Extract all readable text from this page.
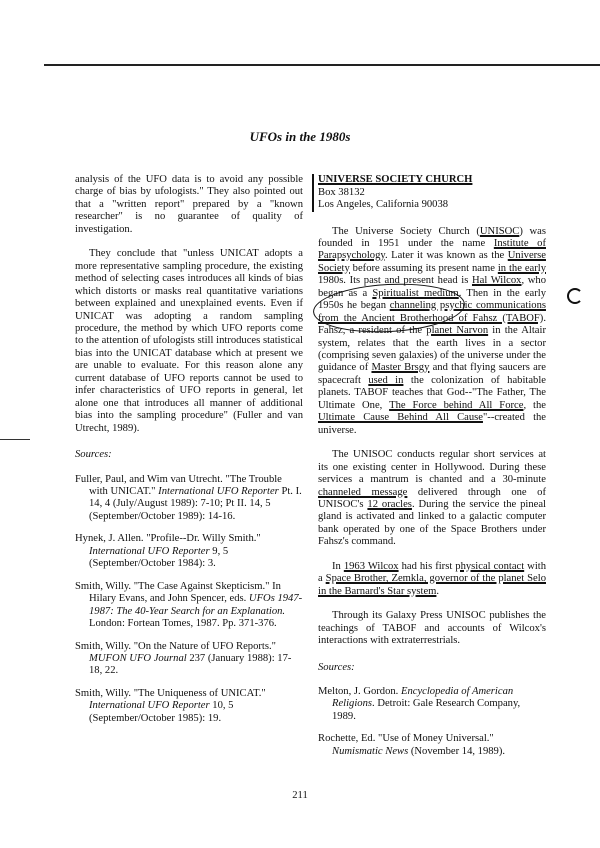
UFOs in the 1980s

analysis of the UFO data is to avoid any possible charge of bias by ufologists." They also pointed out that a "written report" prepared by a "known researcher" is no guarantee of quality of investigation.

They conclude that "unless UNICAT adopts a more representative sampling procedure, the existing method of selecting cases introduces all kinds of bias which distorts or masks real quantitative variations between explained and unexplained events. Even if UNICAT was adopting a random sampling procedure, the method by which UFO reports come to the attention of ufologists still introduces statistical bias into the UNICAT database which at present we are unable to evaluate. For this reason alone any current database of UFO reports cannot be used to infer characteristics of UFO reports in general, let alone one that introduces all manner of additional bias into the sampling procedure" (Fuller and van Utrecht, 1989).

Sources:

Fuller, Paul, and Wim van Utrecht. "The Trouble with UNICAT." International UFO Reporter Pt. I. 14, 4 (July/August 1989): 7-10; Pt II. 14, 5 (September/October 1989): 14-16.

Hynek, J. Allen. "Profile--Dr. Willy Smith." International UFO Reporter 9, 5 (September/October 1984): 3.

Smith, Willy. "The Case Against Skepticism." In Hilary Evans, and John Spencer, eds. UFOs 1947-1987: The 40-Year Search for an Explanation. London: Fortean Tomes, 1987. Pp. 371-376.

Smith, Willy. "On the Nature of UFO Reports." MUFON UFO Journal 237 (January 1988): 17-18, 22.

Smith, Willy. "The Uniqueness of UNICAT." International UFO Reporter 10, 5 (September/October 1985): 19.

UNIVERSE SOCIETY CHURCH
Box 38132
Los Angeles, California 90038

The Universe Society Church (UNISOC) was founded in 1951 under the name Institute of Parapsychology. Later it was known as the Universe Society before assuming its present name in the early 1980s. Its past and present head is Hal Wilcox, who began as a Spiritualist medium. Then in the early 1950s he began channeling psychic communications from the Ancient Brotherhood of Fahsz (TABOF). Fahsz, a resident of the planet Narvon in the Altair system, relates that the earth lives in a sector (comprising seven galaxies) of the universe under the guidance of Master Brsgy and that flying saucers are spacecraft used in the colonization of habitable planets. TABOF teaches that God--"The Father, The Ultimate One, The Force behind All Force, the Ultimate Cause Behind All Cause"--created the universe.

The UNISOC conducts regular short services at its one existing center in Hollywood. During these services a mantrum is chanted and a 30-minute channeled message delivered through one of UNISOC's 12 oracles. During the service the pineal gland is activated and linked to a galactic computer bank operated by one of the Space Brothers under Fahsz's command.

In 1963 Wilcox had his first physical contact with a Space Brother, Zemkla, governor of the planet Selo in the Barnard's Star system.

Through its Galaxy Press UNISOC publishes the teachings of TABOF and accounts of Wilcox's interactions with extraterrestrials.

Sources:

Melton, J. Gordon. Encyclopedia of American Religions. Detroit: Gale Research Company, 1989.

Rochette, Ed. "Use of Money Universal." Numismatic News (November 14, 1989).

211
